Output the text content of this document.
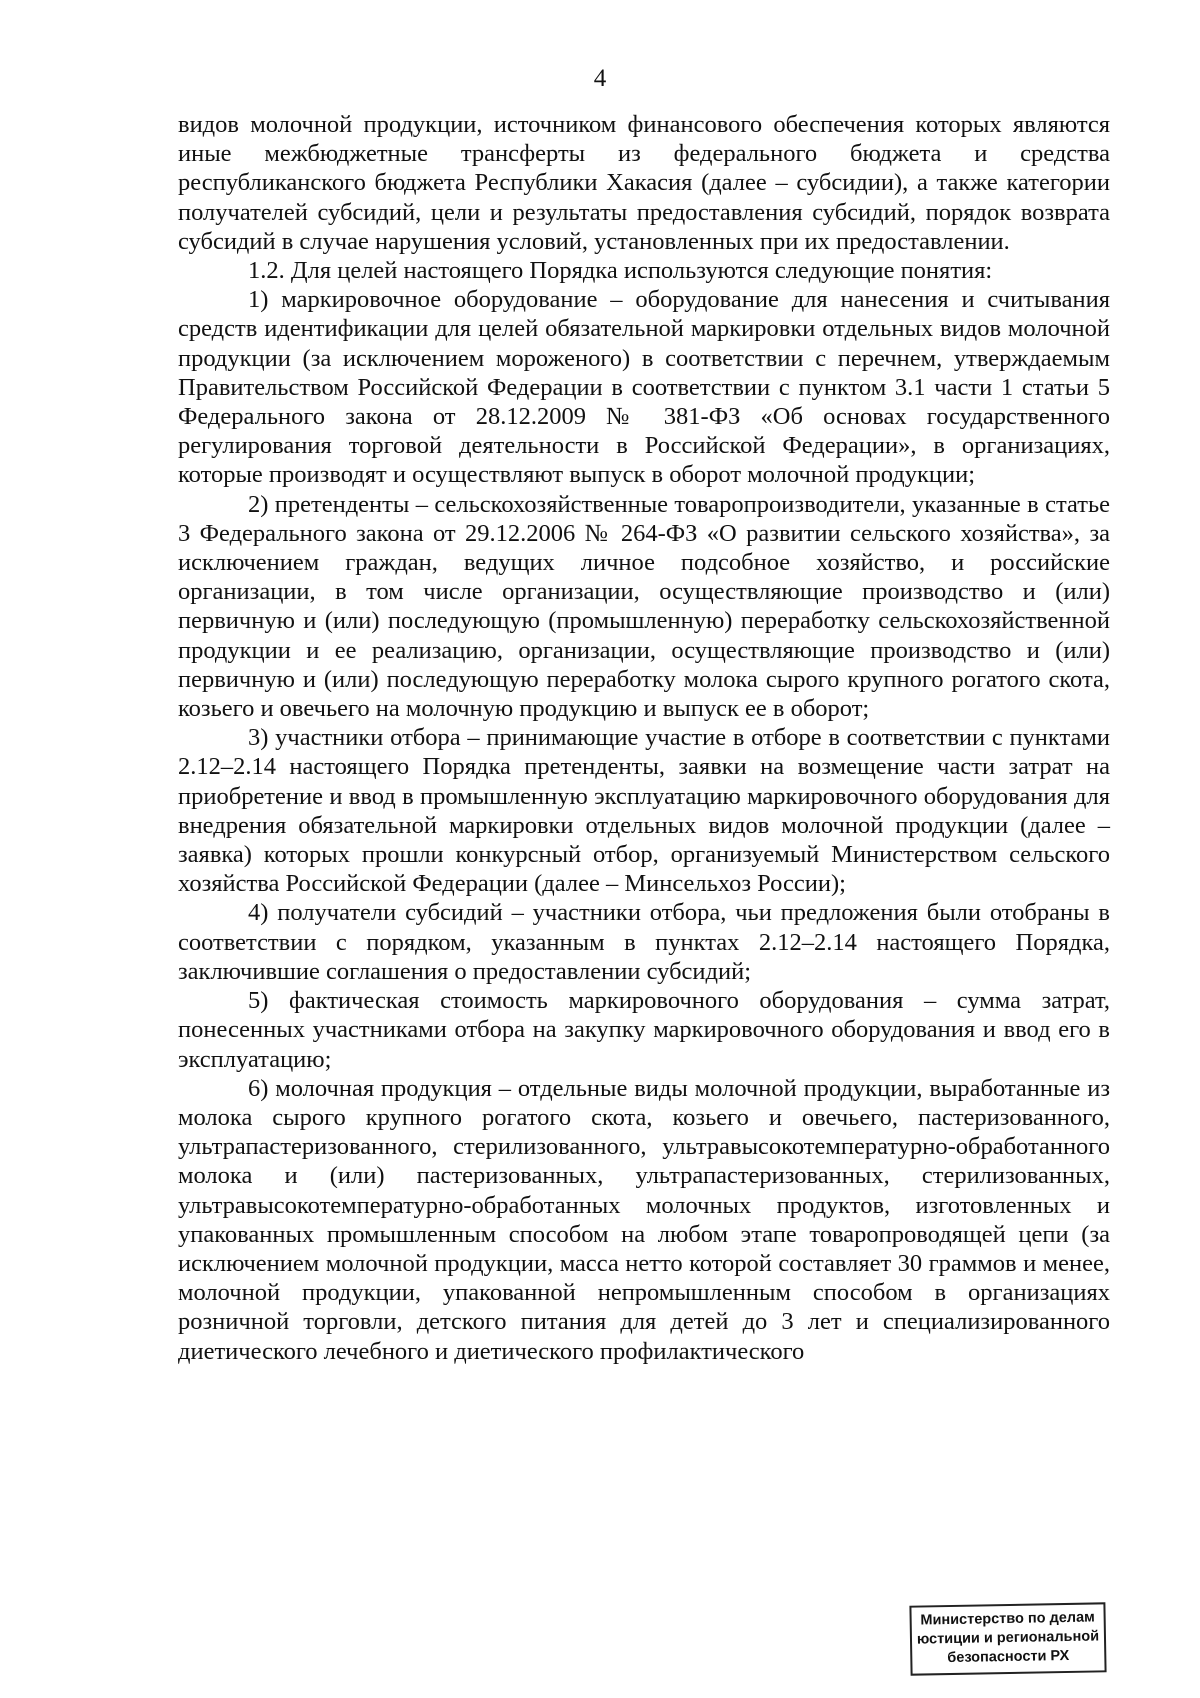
4

видов молочной продукции, источником финансового обеспечения которых являются иные межбюджетные трансферты из федерального бюджета и средства республиканского бюджета Республики Хакасия (далее – субсидии), а также категории получателей субсидий, цели и результаты предоставления субсидий, порядок возврата субсидий в случае нарушения условий, установленных при их предоставлении.

1.2. Для целей настоящего Порядка используются следующие понятия:

1) маркировочное оборудование – оборудование для нанесения и считывания средств идентификации для целей обязательной маркировки отдельных видов молочной продукции (за исключением мороженого) в соответствии с перечнем, утверждаемым Правительством Российской Федерации в соответствии с пунктом 3.1 части 1 статьи 5 Федерального закона от 28.12.2009 № 381-ФЗ «Об основах государственного регулирования торговой деятельности в Российской Федерации», в организациях, которые производят и осуществляют выпуск в оборот молочной продукции;

2) претенденты – сельскохозяйственные товаропроизводители, указанные в статье 3 Федерального закона от 29.12.2006 № 264-ФЗ «О развитии сельского хозяйства», за исключением граждан, ведущих личное подсобное хозяйство, и российские организации, в том числе организации, осуществляющие производство и (или) первичную и (или) последующую (промышленную) переработку сельскохозяйственной продукции и ее реализацию, организации, осуществляющие производство и (или) первичную и (или) последующую переработку молока сырого крупного рогатого скота, козьего и овечьего на молочную продукцию и выпуск ее в оборот;

3) участники отбора – принимающие участие в отборе в соответствии с пунктами 2.12–2.14 настоящего Порядка претенденты, заявки на возмещение части затрат на приобретение и ввод в промышленную эксплуатацию маркировочного оборудования для внедрения обязательной маркировки отдельных видов молочной продукции (далее – заявка) которых прошли конкурсный отбор, организуемый Министерством сельского хозяйства Российской Федерации (далее – Минсельхоз России);

4) получатели субсидий – участники отбора, чьи предложения были отобраны в соответствии с порядком, указанным в пунктах 2.12–2.14 настоящего Порядка, заключившие соглашения о предоставлении субсидий;

5) фактическая стоимость маркировочного оборудования – сумма затрат, понесенных участниками отбора на закупку маркировочного оборудования и ввод его в эксплуатацию;

6) молочная продукция – отдельные виды молочной продукции, выработанные из молока сырого крупного рогатого скота, козьего и овечьего, пастеризованного, ультрапастеризованного, стерилизованного, ультравысокотемпературно-обработанного молока и (или) пастеризованных, ультрапастеризованных, стерилизованных, ультравысокотемпературно-обработанных молочных продуктов, изготовленных и упакованных промышленным способом на любом этапе товаропроводящей цепи (за исключением молочной продукции, масса нетто которой составляет 30 граммов и менее, молочной продукции, упакованной непромышленным способом в организациях розничной торговли, детского питания для детей до 3 лет и специализированного диетического лечебного и диетического профилактического

Министерство по делам
юстиции и региональной
безопасности РХ
